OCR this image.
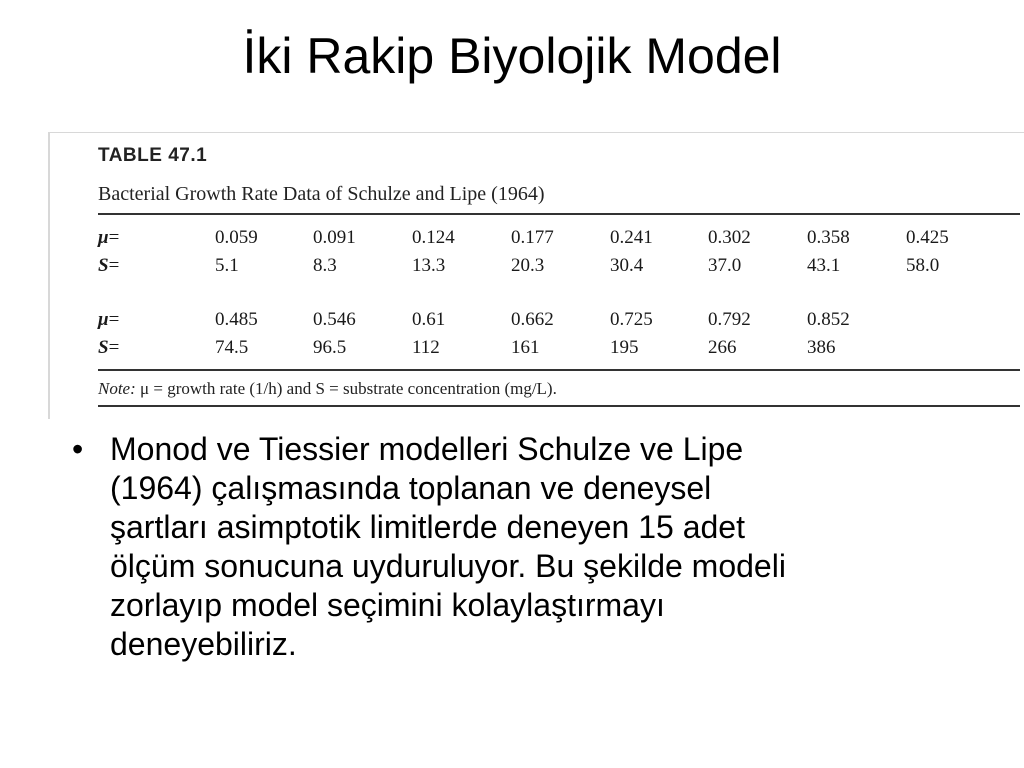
İki Rakip Biyolojik Model
TABLE 47.1
Bacterial Growth Rate Data of Schulze and Lipe (1964)
μ=	0.059	0.091	0.124	0.177	0.241	0.302	0.358	0.425
S=	5.1	8.3	13.3	20.3	30.4	37.0	43.1	58.0
μ=	0.485	0.546	0.61	0.662	0.725	0.792	0.852
S=	74.5	96.5	112	161	195	266	386
Note: μ = growth rate (1/h) and S = substrate concentration (mg/L).
• Monod ve Tiessier modelleri Schulze ve Lipe
(1964) çalışmasında toplanan ve deneysel
şartları asimptotik limitlerde deneyen 15 adet
ölçüm sonucuna uyduruluyor. Bu şekilde modeli
zorlayıp model seçimini kolaylaştırmayı
deneyebiliriz.
